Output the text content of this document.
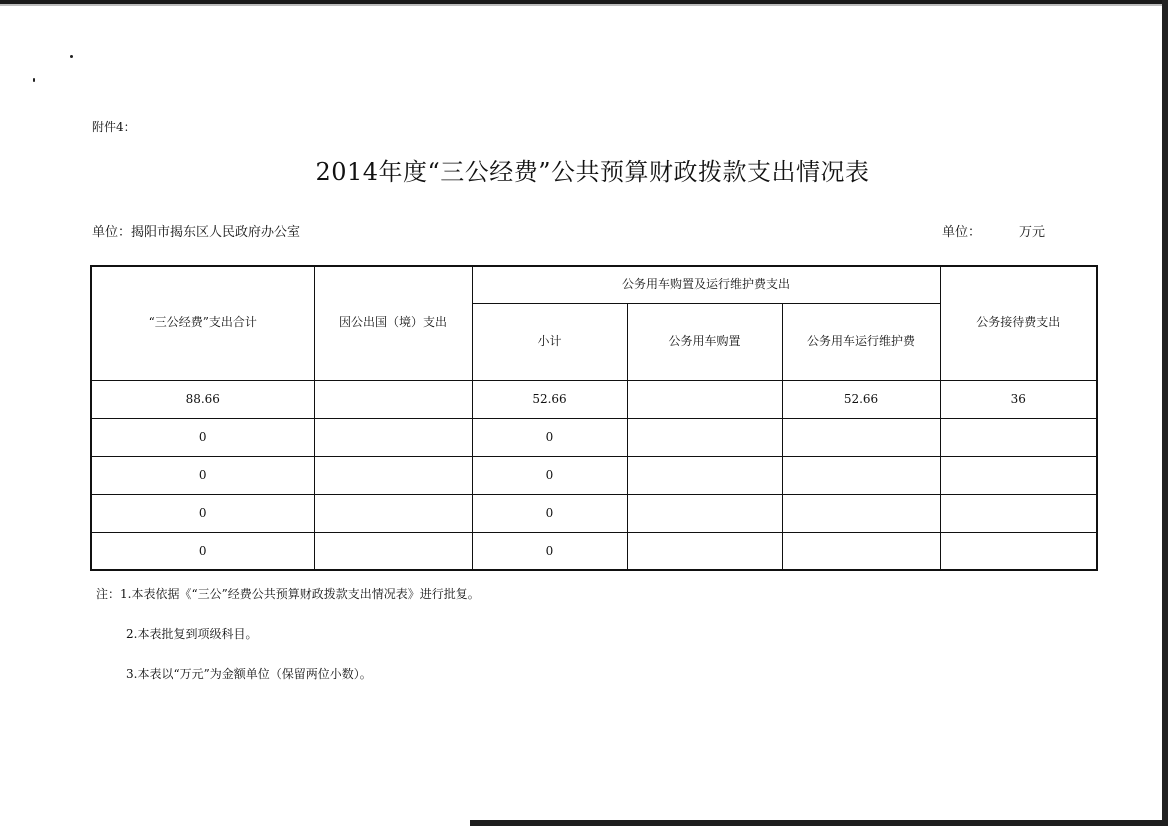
附件4：
2014年度“三公经费”公共预算财政拨款支出情况表
单位：揭阳市揭东区人民政府办公室	单位：	万元
“三公经费”支出合计	因公出国（境）支出	公务用车购置及运行维护费支出			公务接待费支出
		小计	公务用车购置	公务用车运行维护费	
88.66		52.66		52.66	36
0		0			
0		0			
0		0			
0		0			
注：1.本表依据《“三公”经费公共预算财政拨款支出情况表》进行批复。
2.本表批复到项级科目。
3.本表以“万元”为金额单位（保留两位小数）。
